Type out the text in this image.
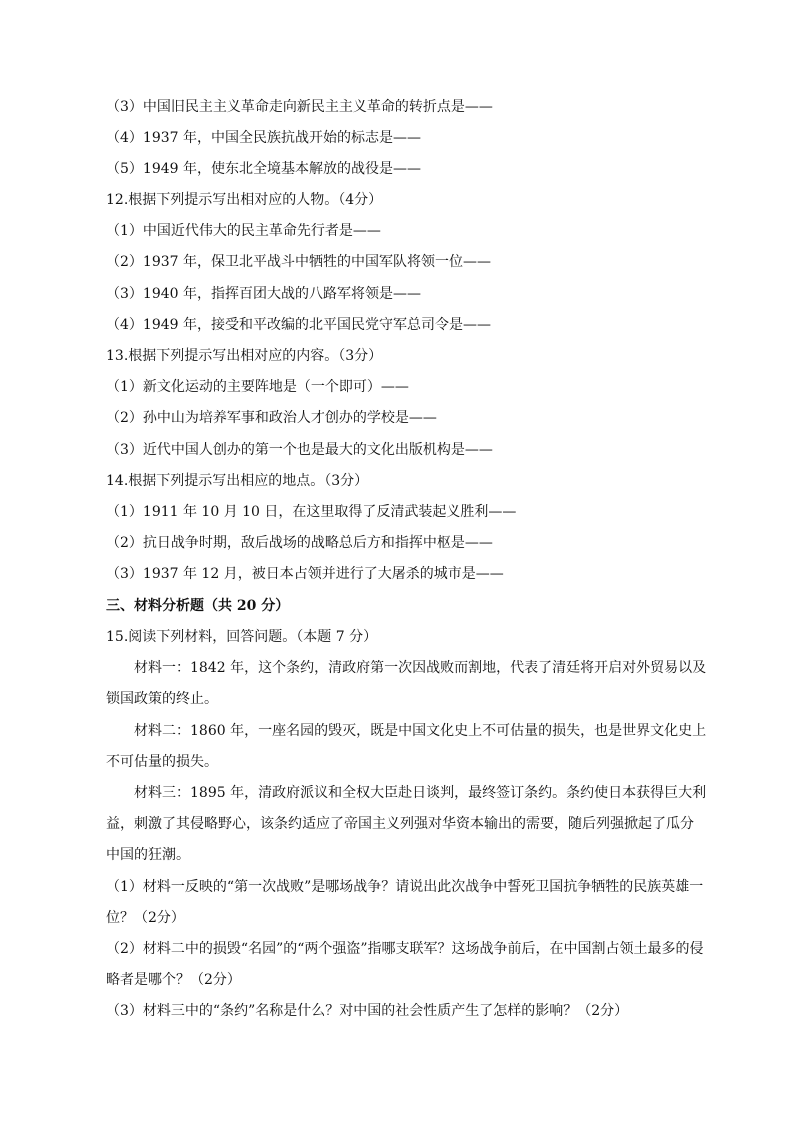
（3）中国旧民主主义革命走向新民主主义革命的转折点是——
（4）1937 年，中国全民族抗战开始的标志是——
（5）1949 年，使东北全境基本解放的战役是——
12.根据下列提示写出相对应的人物。（4分）
（1）中国近代伟大的民主革命先行者是——
（2）1937 年，保卫北平战斗中牺牲的中国军队将领一位——
（3）1940 年，指挥百团大战的八路军将领是——
（4）1949 年，接受和平改编的北平国民党守军总司令是——
13.根据下列提示写出相对应的内容。（3分）
（1）新文化运动的主要阵地是（一个即可）——
（2）孙中山为培养军事和政治人才创办的学校是——
（3）近代中国人创办的第一个也是最大的文化出版机构是——
14.根据下列提示写出相应的地点。（3分）
（1）1911 年 10 月 10 日，在这里取得了反清武装起义胜利——
（2）抗日战争时期，敌后战场的战略总后方和指挥中枢是——
（3）1937 年 12 月，被日本占领并进行了大屠杀的城市是——
三、材料分析题（共 20 分）
15.阅读下列材料，回答问题。（本题 7 分）
材料一：1842 年，这个条约，清政府第一次因战败而割地，代表了清廷将开启对外贸易以及
锁国政策的终止。
材料二：1860 年，一座名园的毁灭，既是中国文化史上不可估量的损失，也是世界文化史上
不可估量的损失。
材料三：1895 年，清政府派议和全权大臣赴日谈判，最终签订条约。条约使日本获得巨大利
益，刺激了其侵略野心，该条约适应了帝国主义列强对华资本输出的需要，随后列强掀起了瓜分
中国的狂潮。
（1）材料一反映的“第一次战败”是哪场战争？请说出此次战争中誓死卫国抗争牺牲的民族英雄一
位？（2分）
（2）材料二中的损毁“名园”的“两个强盗”指哪支联军？这场战争前后，在中国割占领土最多的侵
略者是哪个？（2分）
（3）材料三中的“条约”名称是什么？对中国的社会性质产生了怎样的影响？（2分）
